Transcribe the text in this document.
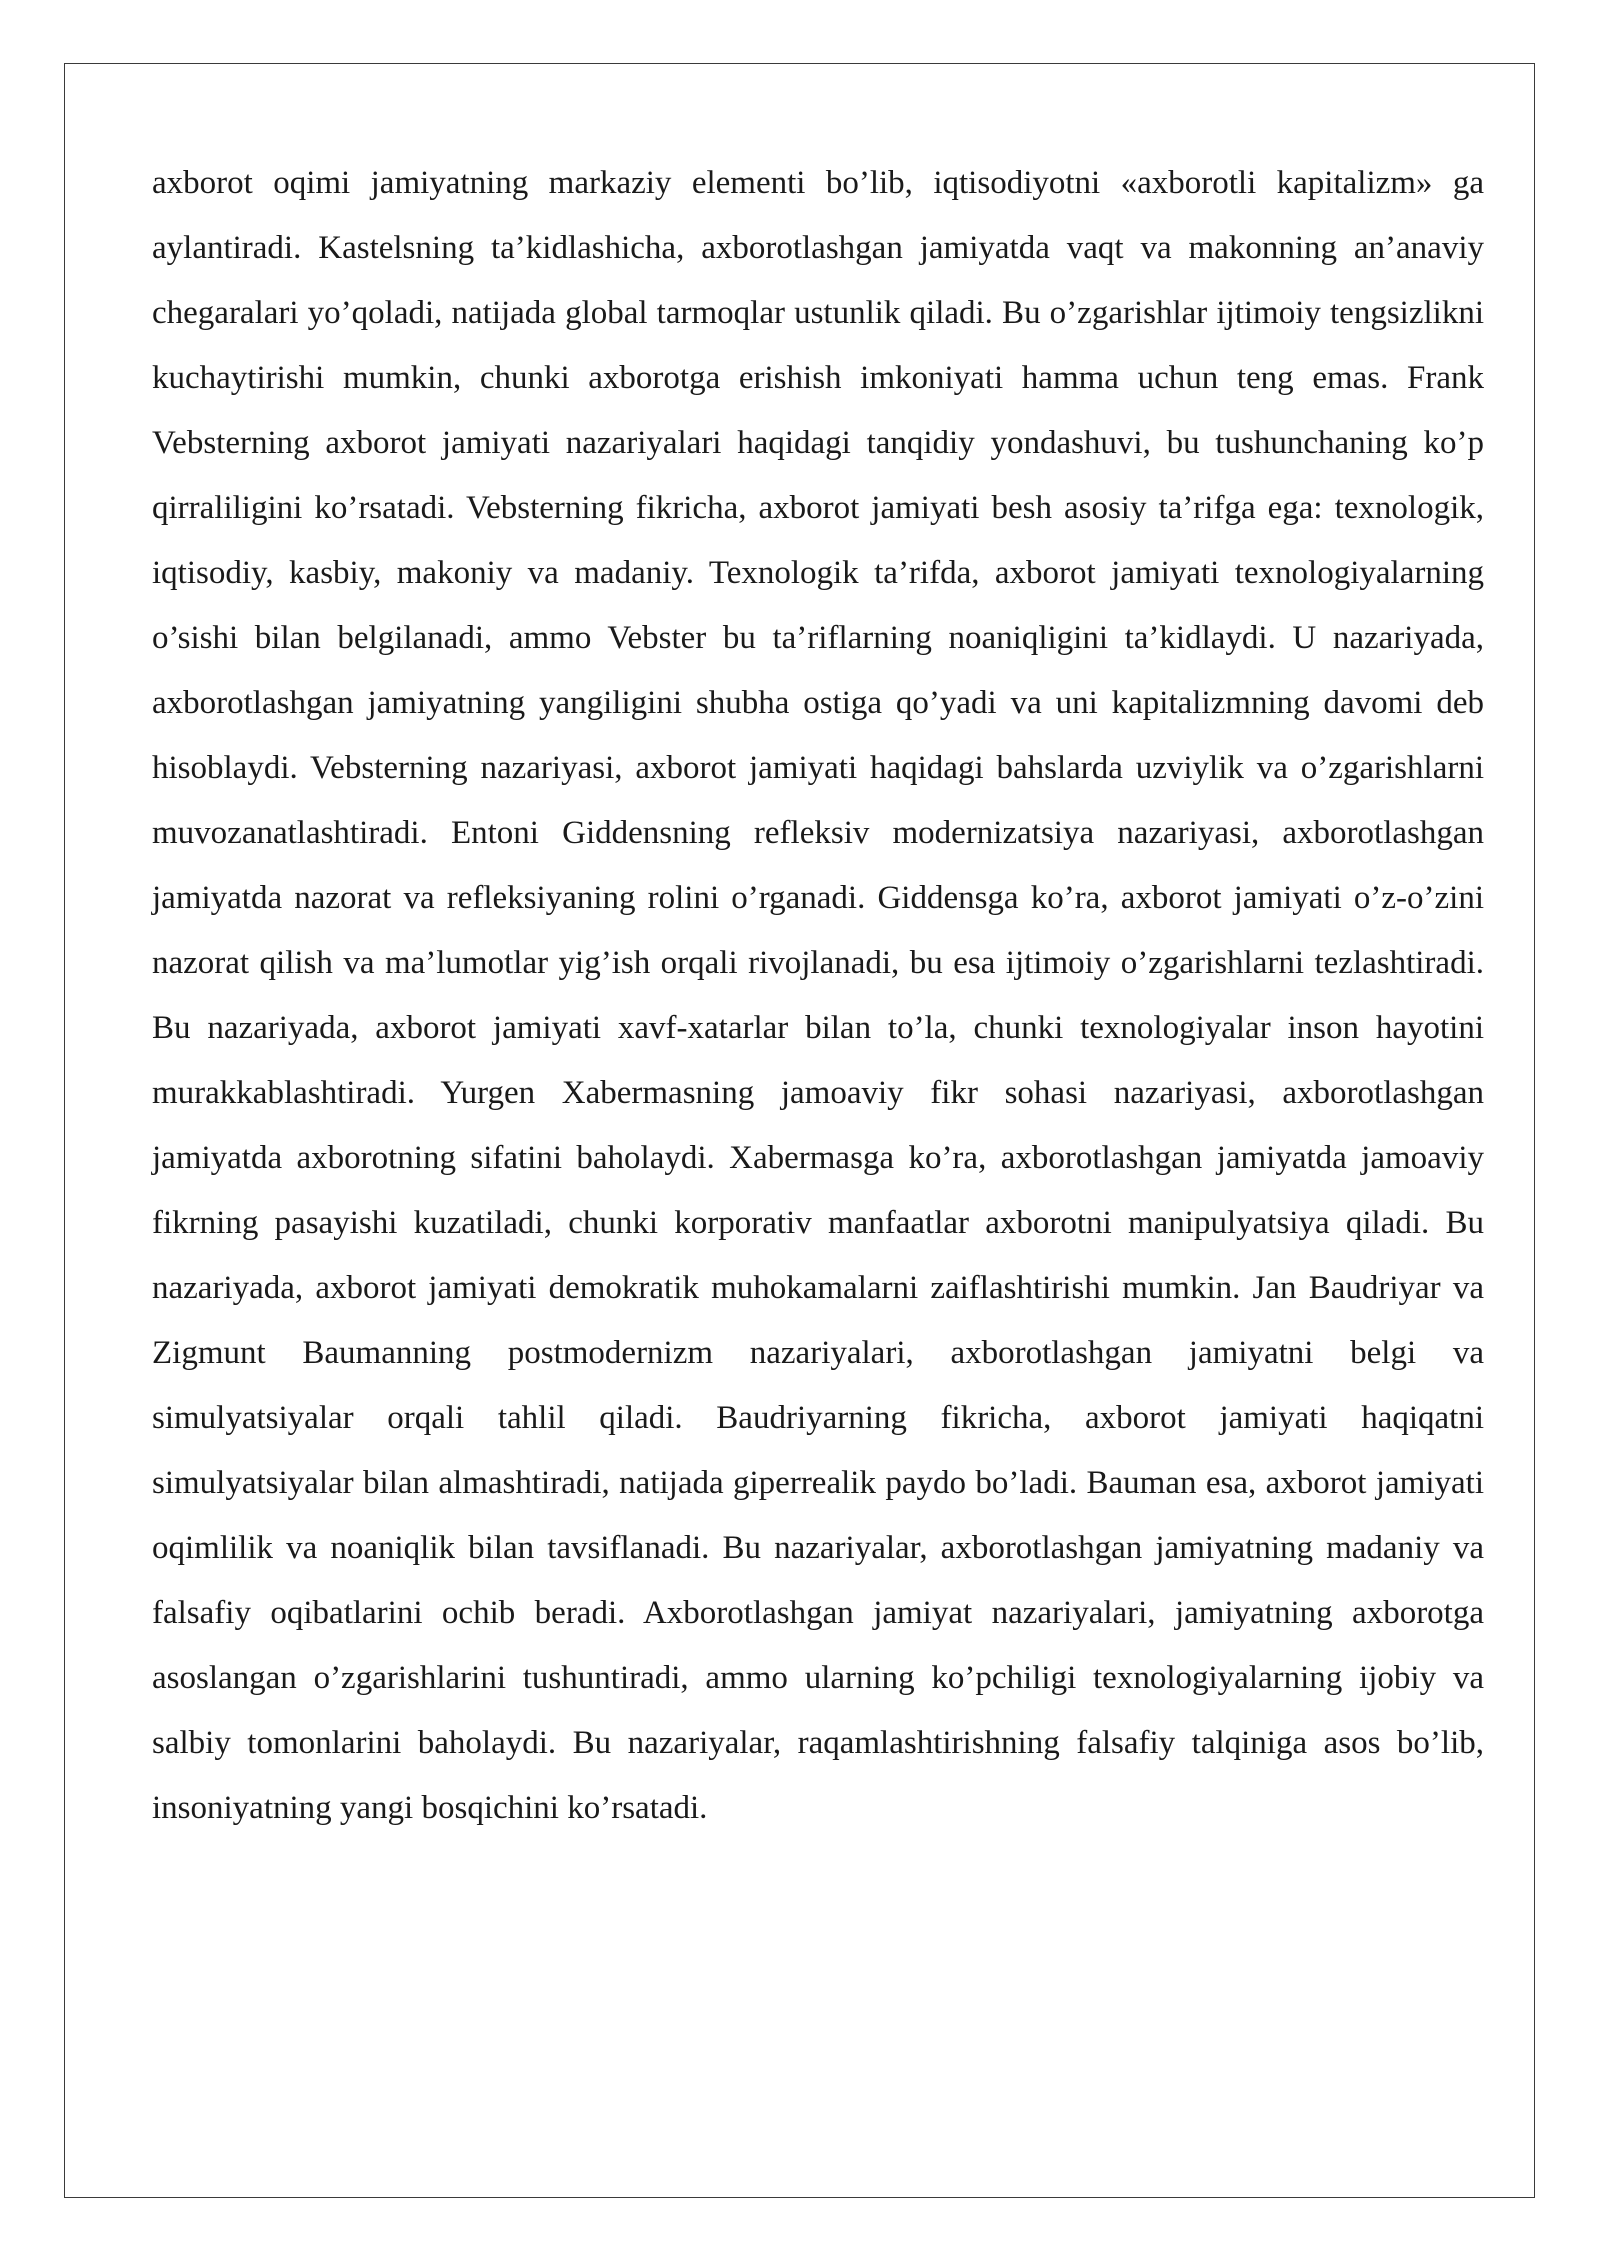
axborot oqimi jamiyatning markaziy elementi bo’lib, iqtisodiyotni «axborotli kapitalizm» ga aylantiradi. Kastelsning ta’kidlashicha, axborotlashgan jamiyatda vaqt va makonning an’anaviy chegaralari yo’qoladi, natijada global tarmoqlar ustunlik qiladi. Bu o’zgarishlar ijtimoiy tengsizlikni kuchaytirishi mumkin, chunki axborotga erishish imkoniyati hamma uchun teng emas. Frank Vebsterning axborot jamiyati nazariyalari haqidagi tanqidiy yondashuvi, bu tushunchaning ko’p qirraliligini ko’rsatadi. Vebsterning fikricha, axborot jamiyati besh asosiy ta’rifga ega: texnologik, iqtisodiy, kasbiy, makoniy va madaniy. Texnologik ta’rifda, axborot jamiyati texnologiyalarning o’sishi bilan belgilanadi, ammo Vebster bu ta’riflarning noaniqligini ta’kidlaydi. U nazariyada, axborotlashgan jamiyatning yangiligini shubha ostiga qo’yadi va uni kapitalizmning davomi deb hisoblaydi. Vebsterning nazariyasi, axborot jamiyati haqidagi bahslarda uzviylik va o’zgarishlarni muvozanatlashtiradi. Entoni Giddensning refleksiv modernizatsiya nazariyasi, axborotlashgan jamiyatda nazorat va refleksiyaning rolini o’rganadi. Giddensga ko’ra, axborot jamiyati o’z-o’zini nazorat qilish va ma’lumotlar yig’ish orqali rivojlanadi, bu esa ijtimoiy o’zgarishlarni tezlashtiradi. Bu nazariyada, axborot jamiyati xavf-xatarlar bilan to’la, chunki texnologiyalar inson hayotini murakkablashtiradi. Yurgen Xabermasning jamoaviy fikr sohasi nazariyasi, axborotlashgan jamiyatda axborotning sifatini baholaydi. Xabermasga ko’ra, axborotlashgan jamiyatda jamoaviy fikrning pasayishi kuzatiladi, chunki korporativ manfaatlar axborotni manipulyatsiya qiladi. Bu nazariyada, axborot jamiyati demokratik muhokamalarni zaiflashtirishi mumkin. Jan Baudriyar va Zigmunt Baumanning postmodernizm nazariyalari, axborotlashgan jamiyatni belgi va simulyatsiyalar orqali tahlil qiladi. Baudriyarning fikricha, axborot jamiyati haqiqatni simulyatsiyalar bilan almashtiradi, natijada giperrealik paydo bo’ladi. Bauman esa, axborot jamiyati oqimlilik va noaniqlik bilan tavsiflanadi. Bu nazariyalar, axborotlashgan jamiyatning madaniy va falsafiy oqibatlarini ochib beradi. Axborotlashgan jamiyat nazariyalari, jamiyatning axborotga asoslangan o’zgarishlarini tushuntiradi, ammo ularning ko’pchiligi texnologiyalarning ijobiy va salbiy tomonlarini baholaydi. Bu nazariyalar, raqamlashtirishning falsafiy talqiniga asos bo’lib, insoniyatning yangi bosqichini ko’rsatadi.
